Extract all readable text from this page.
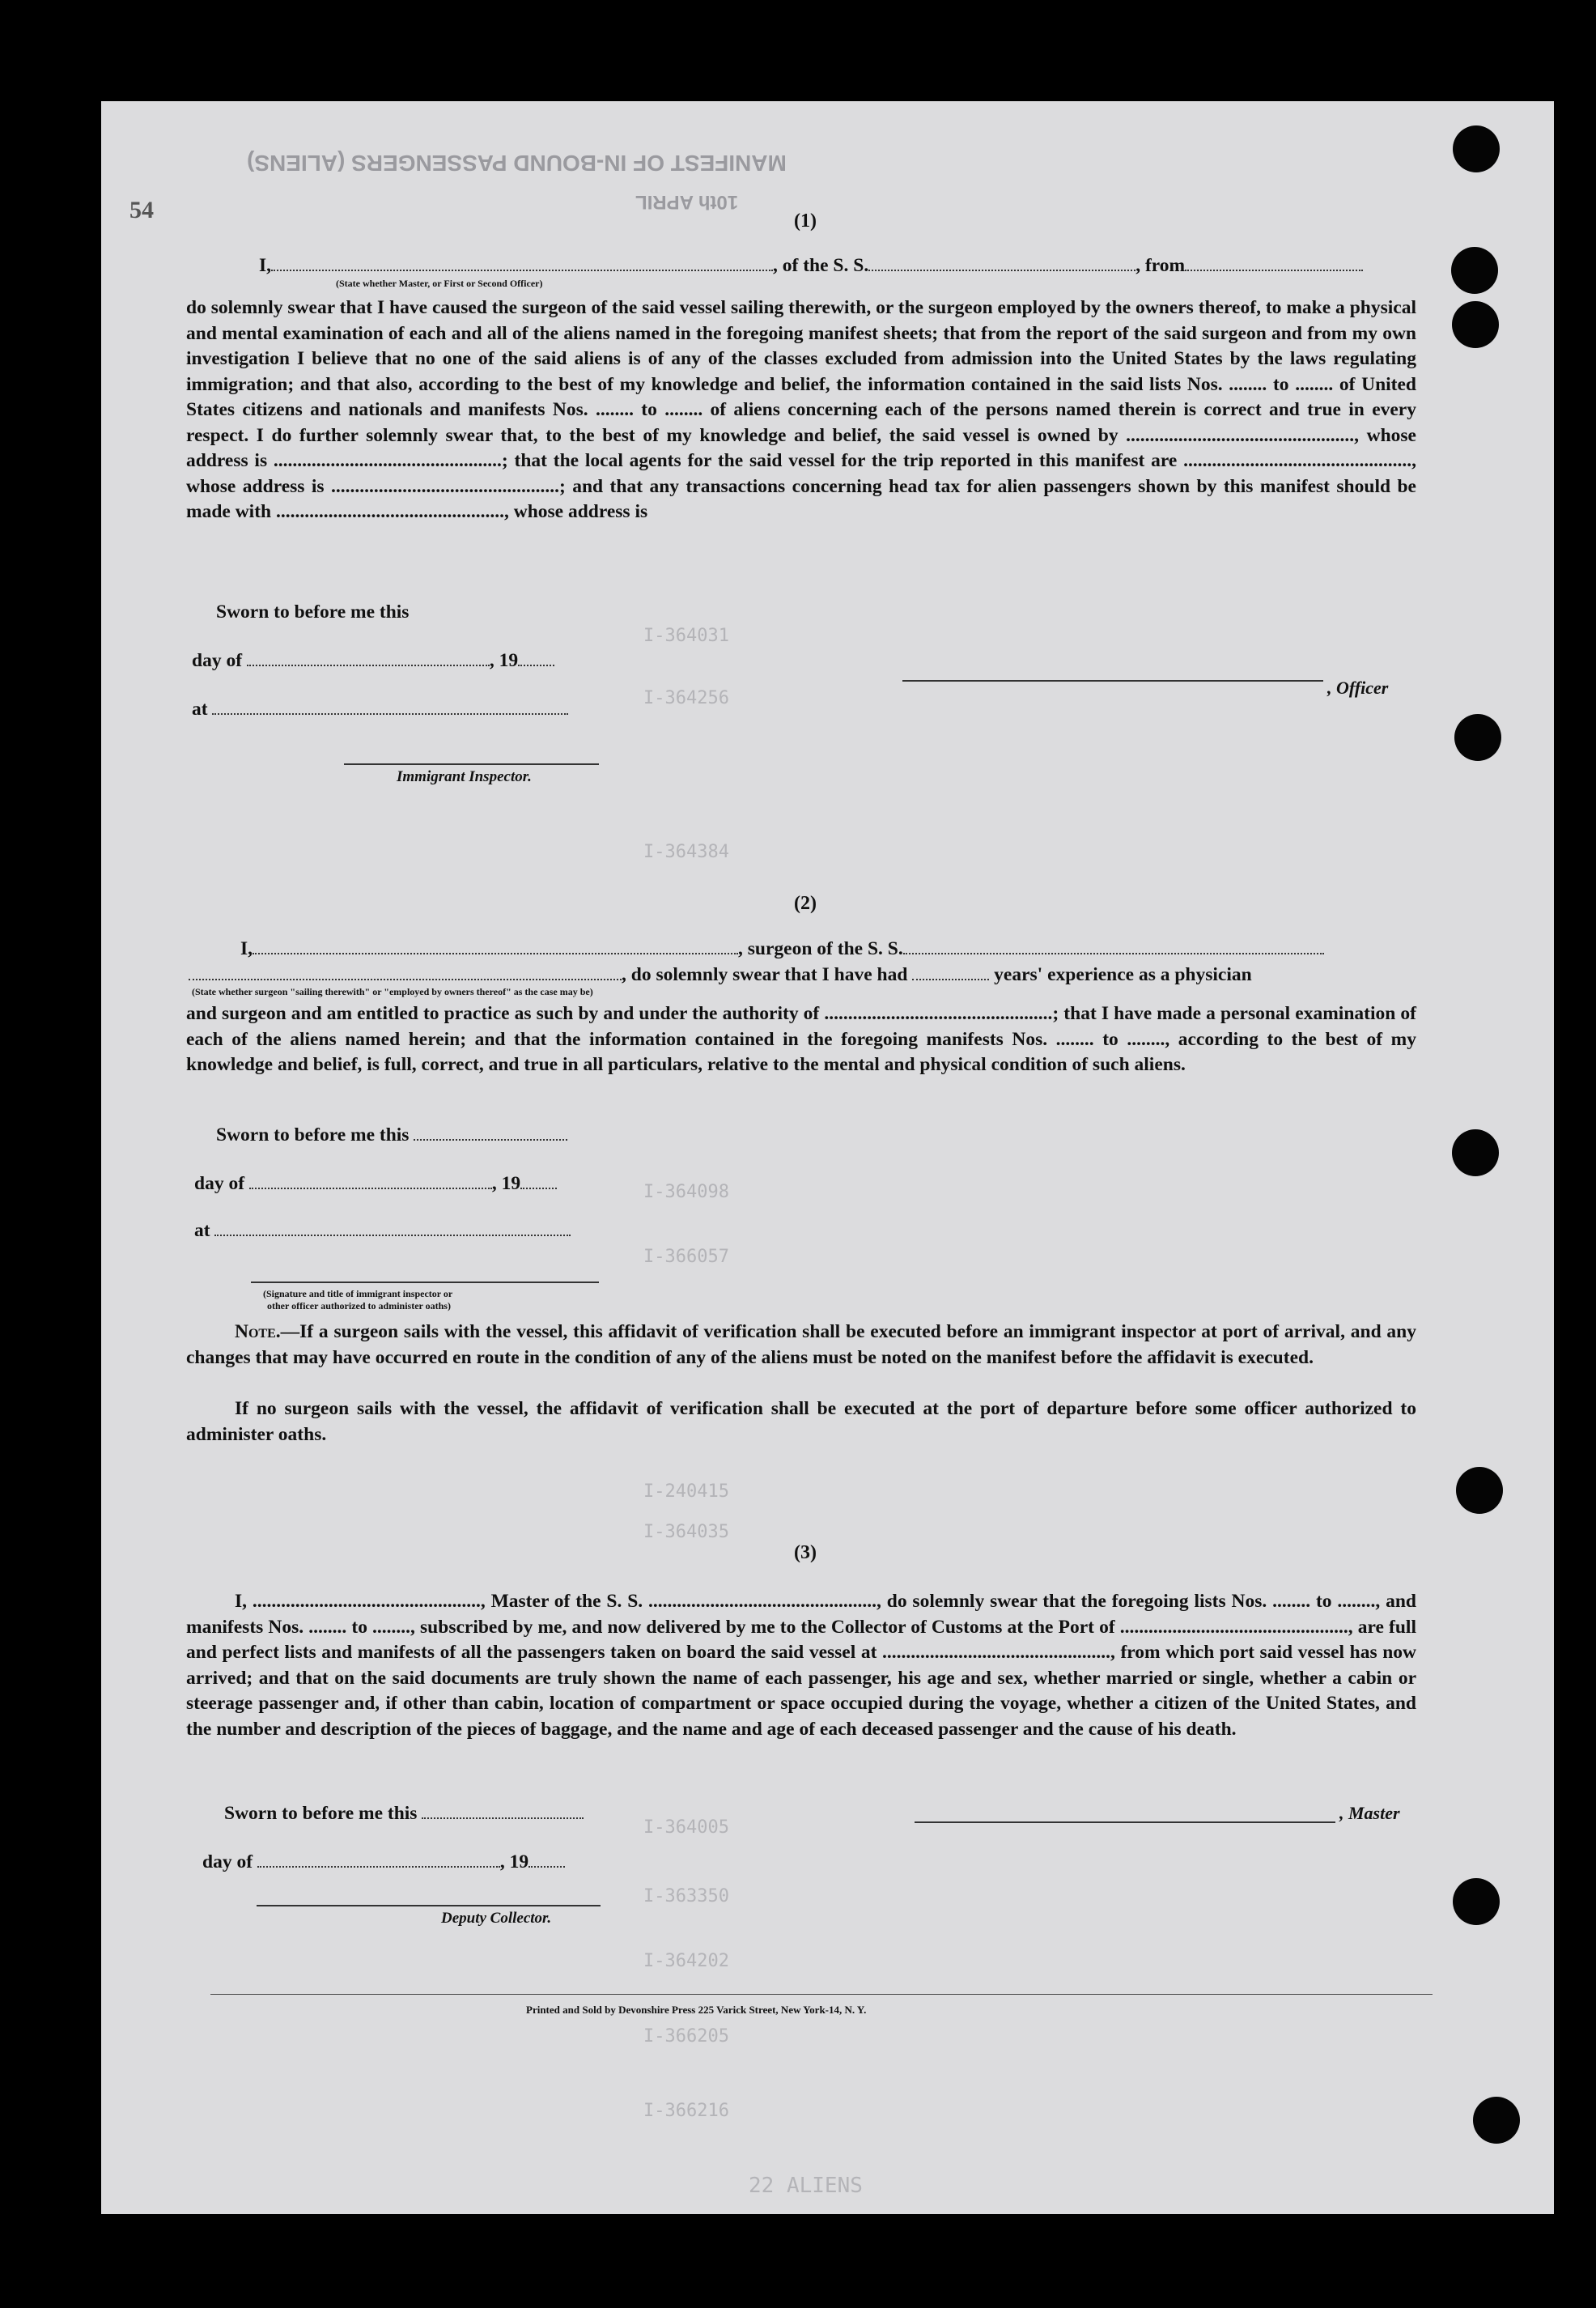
MANIFEST OF IN-BOUND PASSENGERS (ALIENS)
10th APRIL
54	(1)
I,	, of the S. S.	, from
(State whether Master, or First or Second Officer)

do solemnly swear that I have caused the surgeon of the said vessel sailing therewith, or the surgeon employed by the owners thereof, to make a physical and mental examination of each and all of the aliens named in the foregoing manifest sheets; that from the report of the said surgeon and from my own investigation I believe that no one of the said aliens is of any of the classes excluded from admission into the United States by the laws regulating immigration; and that also, according to the best of my knowledge and belief, the information contained in the said lists Nos. ........ to ........ of United States citizens and nationals and manifests Nos. ........ to ........ of aliens concerning each of the persons named therein is correct and true in every respect. I do further solemnly swear that, to the best of my knowledge and belief, the said vessel is owned by ................................................, whose address is ................................................; that the local agents for the said vessel for the trip reported in this manifest are ................................................, whose address is ................................................; and that any transactions concerning head tax for alien passengers shown by this manifest should be made with ................................................, whose address is

Sworn to before me this
day of	, 19
at
, Officer
Immigrant Inspector.
(2)
I,	, surgeon of the S. S.
, do solemnly swear that I have had	years' experience as a physician
(State whether surgeon "sailing therewith" or "employed by owners thereof" as the case may be)

and surgeon and am entitled to practice as such by and under the authority of ................................................; that I have made a personal examination of each of the aliens named herein; and that the information contained in the foregoing manifests Nos. ........ to ........, according to the best of my knowledge and belief, is full, correct, and true in all particulars, relative to the mental and physical condition of such aliens.

Sworn to before me this
day of	, 19
at
(Signature and title of immigrant inspector or
other officer authorized to administer oaths)

Note.—If a surgeon sails with the vessel, this affidavit of verification shall be executed before an immigrant inspector at port of arrival, and any changes that may have occurred en route in the condition of any of the aliens must be noted on the manifest before the affidavit is executed.

If no surgeon sails with the vessel, the affidavit of verification shall be executed at the port of departure before some officer authorized to administer oaths.

(3)

I, ................................................, Master of the S. S. ................................................, do solemnly swear that the foregoing lists Nos. ........ to ........, and manifests Nos. ........ to ........, subscribed by me, and now delivered by me to the Collector of Customs at the Port of ................................................, are full and perfect lists and manifests of all the passengers taken on board the said vessel at ................................................, from which port said vessel has now arrived; and that on the said documents are truly shown the name of each passenger, his age and sex, whether married or single, whether a cabin or steerage passenger and, if other than cabin, location of compartment or space occupied during the voyage, whether a citizen of the United States, and the number and description of the pieces of baggage, and the name and age of each deceased passenger and the cause of his death.

Sworn to before me this	, Master
day of	, 19
Deputy Collector.
Printed and Sold by Devonshire Press 225 Varick Street, New York-14, N. Y.
I-364031
I-364256
I-364384
I-364098
I-366057
I-240415
I-364035
I-364005
I-363350
I-364202
I-366205
I-366216
22 ALIENS
